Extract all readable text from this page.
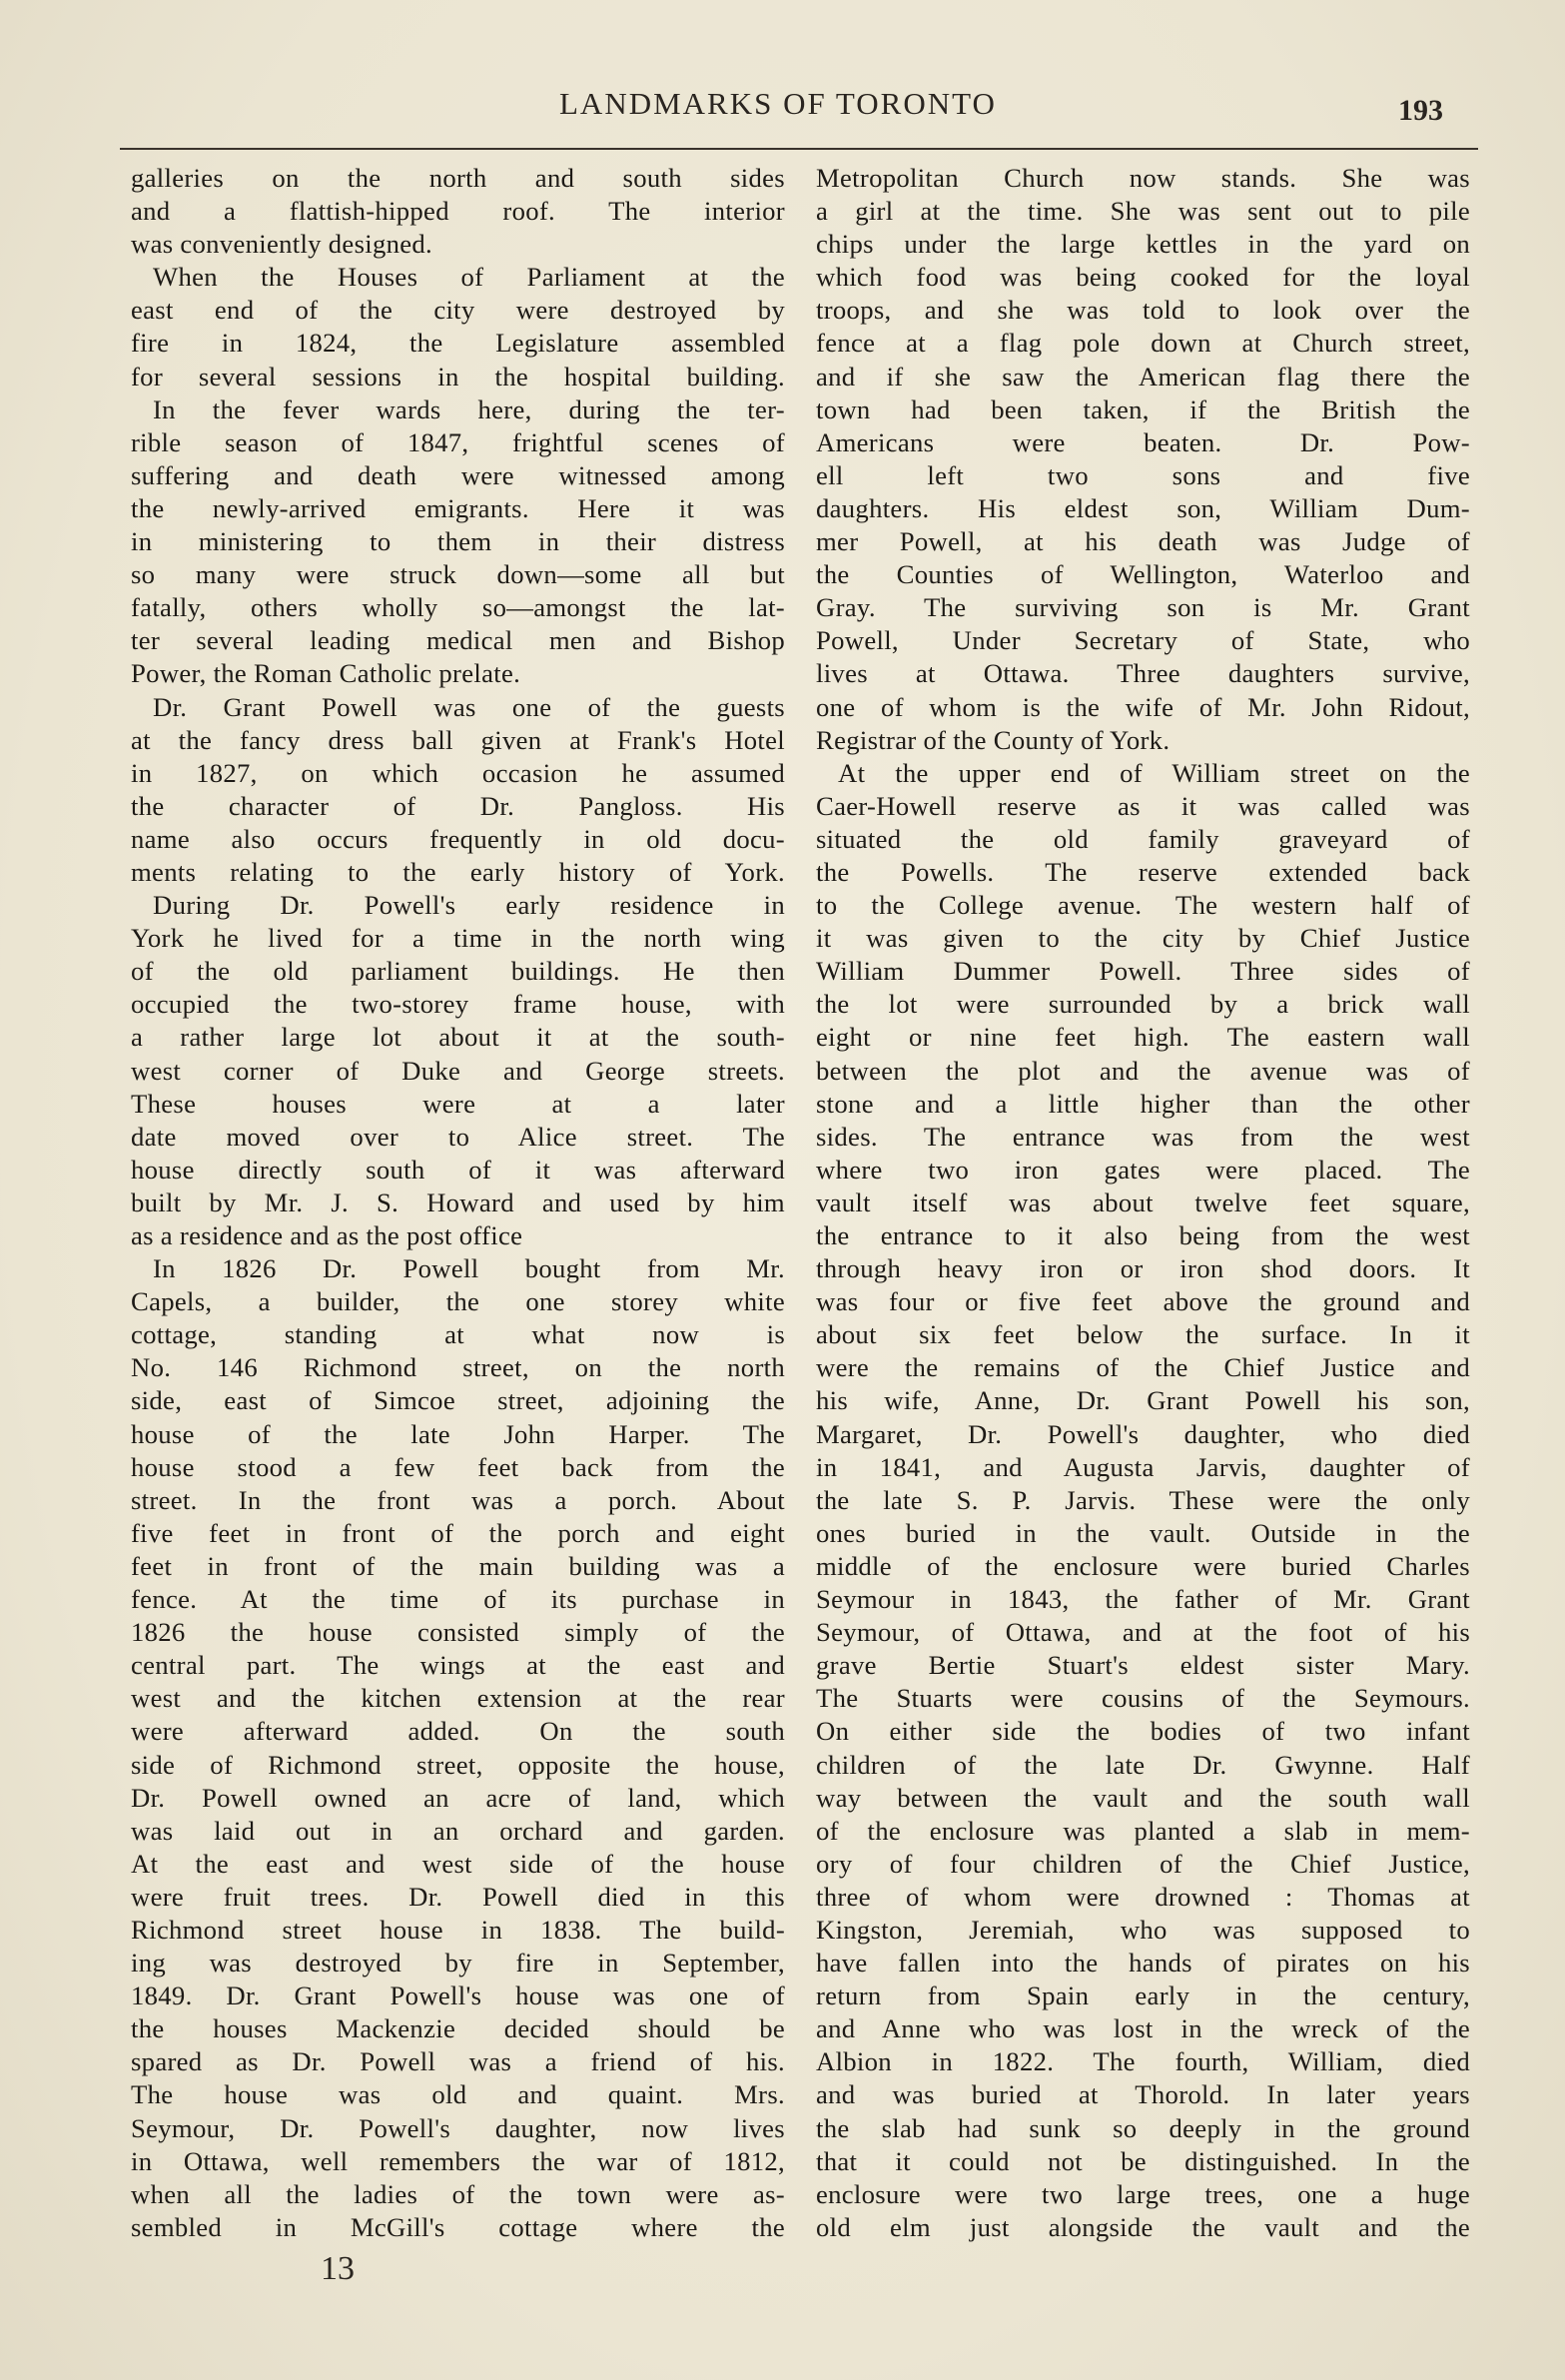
LANDMARKS OF TORONTO	193
galleries on the north and south sides
and a flattish-hipped roof. The interior
was conveniently designed.
When the Houses of Parliament at the
east end of the city were destroyed by
fire in 1824, the Legislature assembled
for several sessions in the hospital building.
In the fever wards here, during the ter-
rible season of 1847, frightful scenes of
suffering and death were witnessed among
the newly-arrived emigrants. Here it was
in ministering to them in their distress
so many were struck down—some all but
fatally, others wholly so—amongst the lat-
ter several leading medical men and Bishop
Power, the Roman Catholic prelate.
Dr. Grant Powell was one of the guests
at the fancy dress ball given at Frank's Hotel
in 1827, on which occasion he assumed
the character of Dr. Pangloss. His
name also occurs frequently in old docu-
ments relating to the early history of York.
During Dr. Powell's early residence in
York he lived for a time in the north wing
of the old parliament buildings. He then
occupied the two-storey frame house, with
a rather large lot about it at the south-
west corner of Duke and George streets.
These houses were at a later
date moved over to Alice street. The
house directly south of it was afterward
built by Mr. J. S. Howard and used by him
as a residence and as the post office
In 1826 Dr. Powell bought from Mr.
Capels, a builder, the one storey white
cottage, standing at what now is
No. 146 Richmond street, on the north
side, east of Simcoe street, adjoining the
house of the late John Harper. The
house stood a few feet back from the
street. In the front was a porch. About
five feet in front of the porch and eight
feet in front of the main building was a
fence. At the time of its purchase in
1826 the house consisted simply of the
central part. The wings at the east and
west and the kitchen extension at the rear
were afterward added. On the south
side of Richmond street, opposite the house,
Dr. Powell owned an acre of land, which
was laid out in an orchard and garden.
At the east and west side of the house
were fruit trees. Dr. Powell died in this
Richmond street house in 1838. The build-
ing was destroyed by fire in September,
1849. Dr. Grant Powell's house was one of
the houses Mackenzie decided should be
spared as Dr. Powell was a friend of his.
The house was old and quaint. Mrs.
Seymour, Dr. Powell's daughter, now lives
in Ottawa, well remembers the war of 1812,
when all the ladies of the town were as-
sembled in McGill's cottage where the
Metropolitan Church now stands. She was
a girl at the time. She was sent out to pile
chips under the large kettles in the yard on
which food was being cooked for the loyal
troops, and she was told to look over the
fence at a flag pole down at Church street,
and if she saw the American flag there the
town had been taken, if the British the
Americans were beaten. Dr. Pow-
ell left two sons and five
daughters. His eldest son, William Dum-
mer Powell, at his death was Judge of
the Counties of Wellington, Waterloo and
Gray. The surviving son is Mr. Grant
Powell, Under Secretary of State, who
lives at Ottawa. Three daughters survive,
one of whom is the wife of Mr. John Ridout,
Registrar of the County of York.
At the upper end of William street on the
Caer-Howell reserve as it was called was
situated the old family graveyard of
the Powells. The reserve extended back
to the College avenue. The western half of
it was given to the city by Chief Justice
William Dummer Powell. Three sides of
the lot were surrounded by a brick wall
eight or nine feet high. The eastern wall
between the plot and the avenue was of
stone and a little higher than the other
sides. The entrance was from the west
where two iron gates were placed. The
vault itself was about twelve feet square,
the entrance to it also being from the west
through heavy iron or iron shod doors. It
was four or five feet above the ground and
about six feet below the surface. In it
were the remains of the Chief Justice and
his wife, Anne, Dr. Grant Powell his son,
Margaret, Dr. Powell's daughter, who died
in 1841, and Augusta Jarvis, daughter of
the late S. P. Jarvis. These were the only
ones buried in the vault. Outside in the
middle of the enclosure were buried Charles
Seymour in 1843, the father of Mr. Grant
Seymour, of Ottawa, and at the foot of his
grave Bertie Stuart's eldest sister Mary.
The Stuarts were cousins of the Seymours.
On either side the bodies of two infant
children of the late Dr. Gwynne. Half
way between the vault and the south wall
of the enclosure was planted a slab in mem-
ory of four children of the Chief Justice,
three of whom were drowned : Thomas at
Kingston, Jeremiah, who was supposed to
have fallen into the hands of pirates on his
return from Spain early in the century,
and Anne who was lost in the wreck of the
Albion in 1822. The fourth, William, died
and was buried at Thorold. In later years
the slab had sunk so deeply in the ground
that it could not be distinguished. In the
enclosure were two large trees, one a huge
old elm just alongside the vault and the
13
